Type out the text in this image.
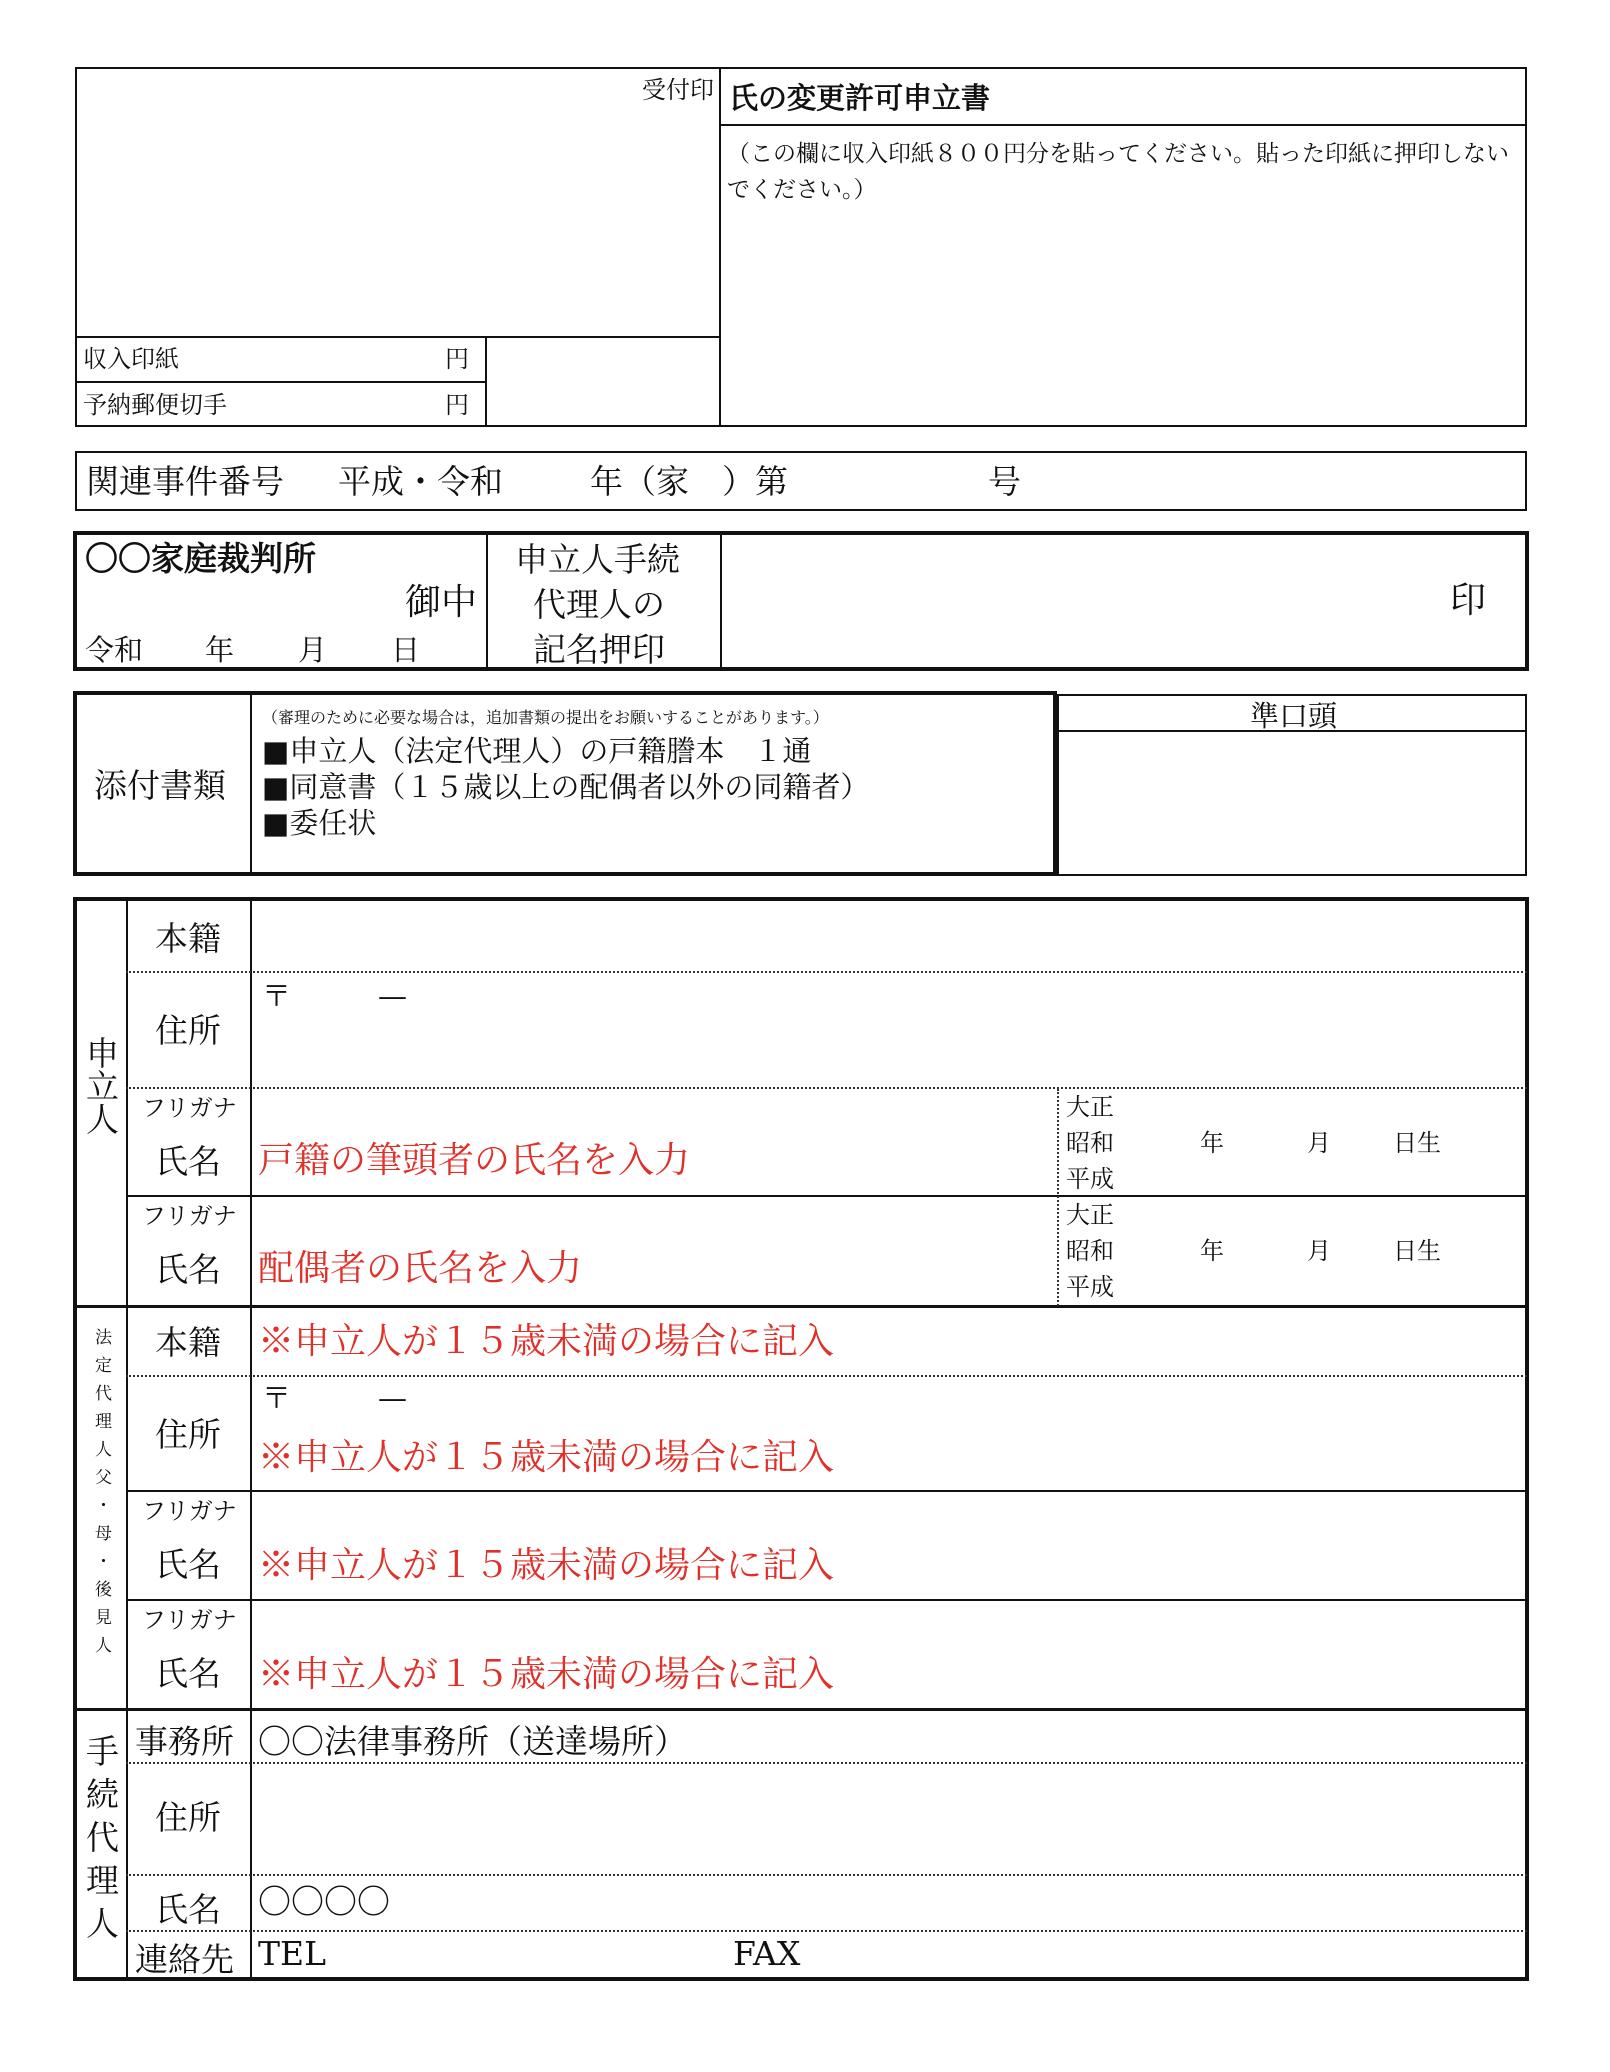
受付印 氏の変更許可申立書
（この欄に収入印紙８００円分を貼ってください。貼った印紙に押印しないでください。）
収入印紙	円
予納郵便切手	円
関連事件番号 平成・令和	年（家　）第	号
〇〇家庭裁判所
御中
令和 年 月 日
申立人手続
代理人の
記名押印
印
添付書類
（審理のために必要な場合は，追加書類の提出をお願いすることがあります。）
■申立人（法定代理人）の戸籍謄本　１通
■同意書（１５歳以上の配偶者以外の同籍者）
■委任状
準口頭
申立人
本籍
住所
〒　　　—
フリガナ
氏名 戸籍の筆頭者の氏名を入力
大正
昭和
平成
年	月	日生
フリガナ
氏名 配偶者の氏名を入力
大正
昭和
平成
年	月	日生
法定代理人父・母・後見人 本籍 ※申立人が１５歳未満の場合に記入
〒　　　—
住所
※申立人が１５歳未満の場合に記入
フリガナ
氏名 ※申立人が１５歳未満の場合に記入
フリガナ
氏名 ※申立人が１５歳未満の場合に記入
手続代理人 事務所 〇〇法律事務所（送達場所）
住所
氏名 〇〇〇〇
連絡先 TEL	FAX
